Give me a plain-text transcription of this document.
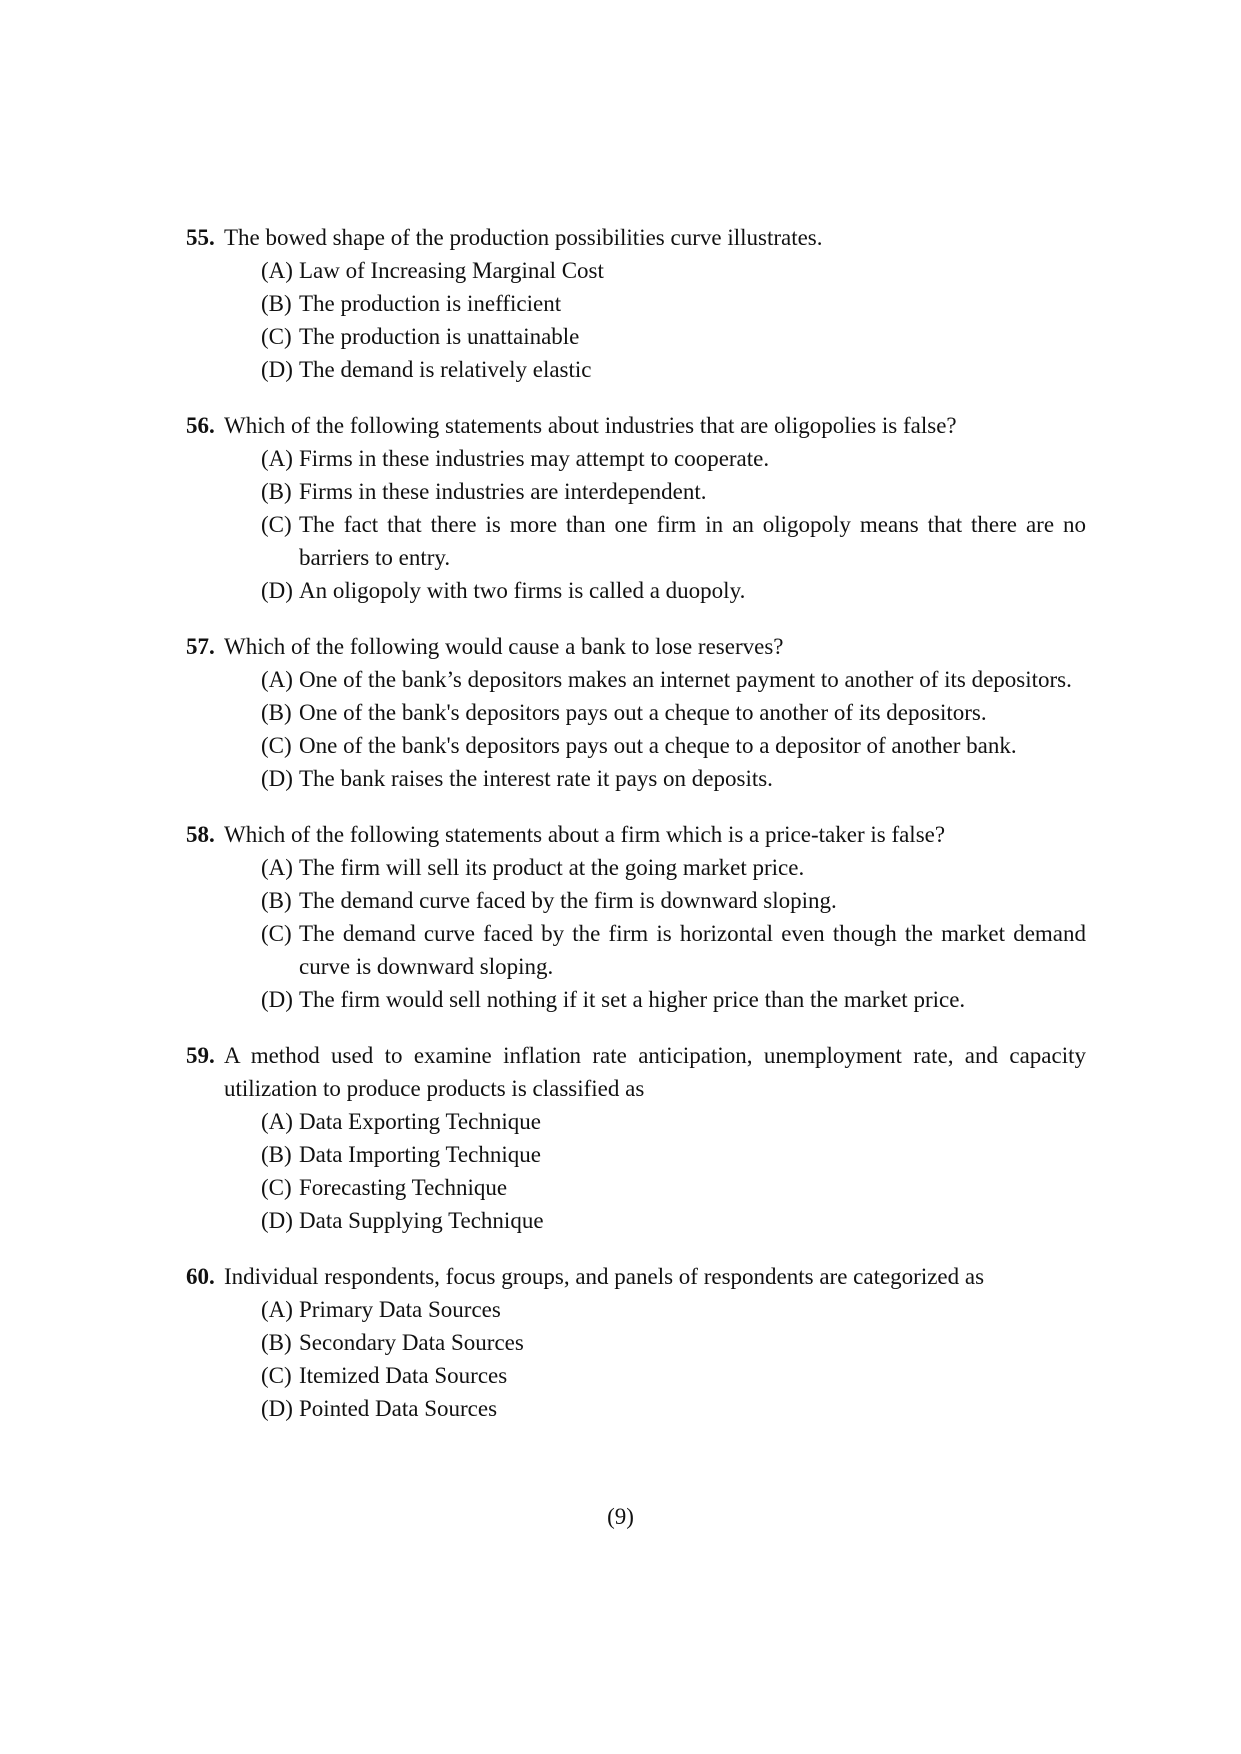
55. The bowed shape of the production possibilities curve illustrates.
(A) Law of Increasing Marginal Cost
(B) The production is inefficient
(C) The production is unattainable
(D) The demand is relatively elastic
56. Which of the following statements about industries that are oligopolies is false?
(A) Firms in these industries may attempt to cooperate.
(B) Firms in these industries are interdependent.
(C) The fact that there is more than one firm in an oligopoly means that there are no barriers to entry.
(D) An oligopoly with two firms is called a duopoly.
57. Which of the following would cause a bank to lose reserves?
(A) One of the bank’s depositors makes an internet payment to another of its depositors.
(B) One of the bank's depositors pays out a cheque to another of its depositors.
(C) One of the bank's depositors pays out a cheque to a depositor of another bank.
(D) The bank raises the interest rate it pays on deposits.
58. Which of the following statements about a firm which is a price-taker is false?
(A) The firm will sell its product at the going market price.
(B) The demand curve faced by the firm is downward sloping.
(C) The demand curve faced by the firm is horizontal even though the market demand curve is downward sloping.
(D) The firm would sell nothing if it set a higher price than the market price.
59. A method used to examine inflation rate anticipation, unemployment rate, and capacity utilization to produce products is classified as
(A) Data Exporting Technique
(B) Data Importing Technique
(C) Forecasting Technique
(D) Data Supplying Technique
60. Individual respondents, focus groups, and panels of respondents are categorized as
(A) Primary Data Sources
(B) Secondary Data Sources
(C) Itemized Data Sources
(D) Pointed Data Sources
(9)
